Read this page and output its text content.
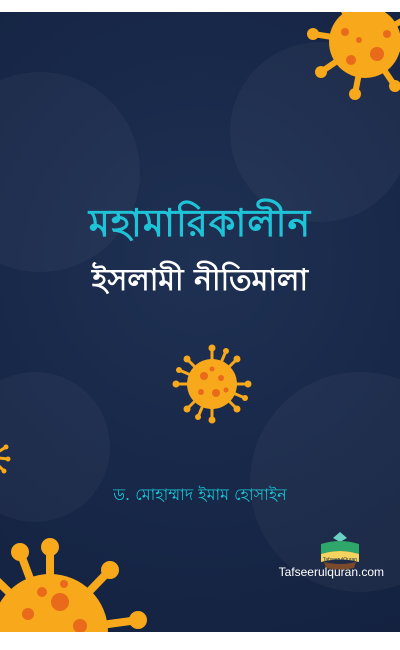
মহামারিকালীন
ইসলামী নীতিমালা
ড. মোহাম্মাদ ইমাম হোসাইন
TafseerulQuran
Tafseerulquran.com
